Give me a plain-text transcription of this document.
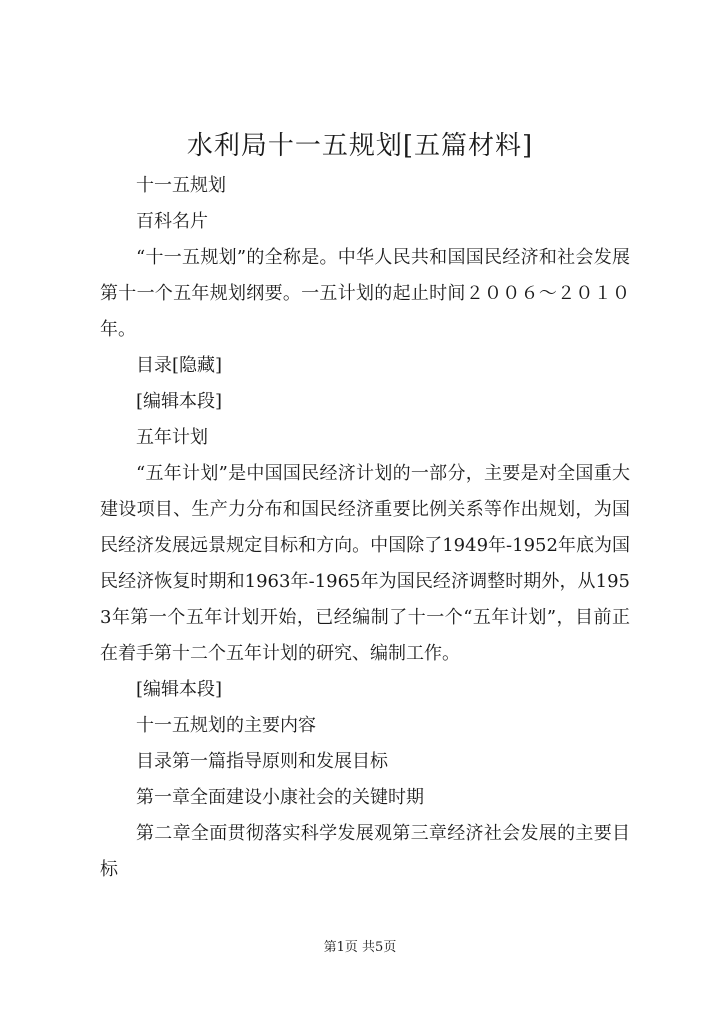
水利局十一五规划[五篇材料]

十一五规划

百科名片

“十一五规划”的全称是。中华人民共和国国民经济和社会发展第十一个五年规划纲要。一五计划的起止时间２００６～２０１０年。

目录[隐藏]

[编辑本段]

五年计划

“五年计划”是中国国民经济计划的一部分，主要是对全国重大建设项目、生产力分布和国民经济重要比例关系等作出规划，为国民经济发展远景规定目标和方向。中国除了1949年-1952年底为国民经济恢复时期和1963年-1965年为国民经济调整时期外，从1953年第一个五年计划开始，已经编制了十一个“五年计划”，目前正在着手第十二个五年计划的研究、编制工作。

[编辑本段]

十一五规划的主要内容

目录第一篇指导原则和发展目标

第一章全面建设小康社会的关键时期

第二章全面贯彻落实科学发展观第三章经济社会发展的主要目标

第1页 共5页
